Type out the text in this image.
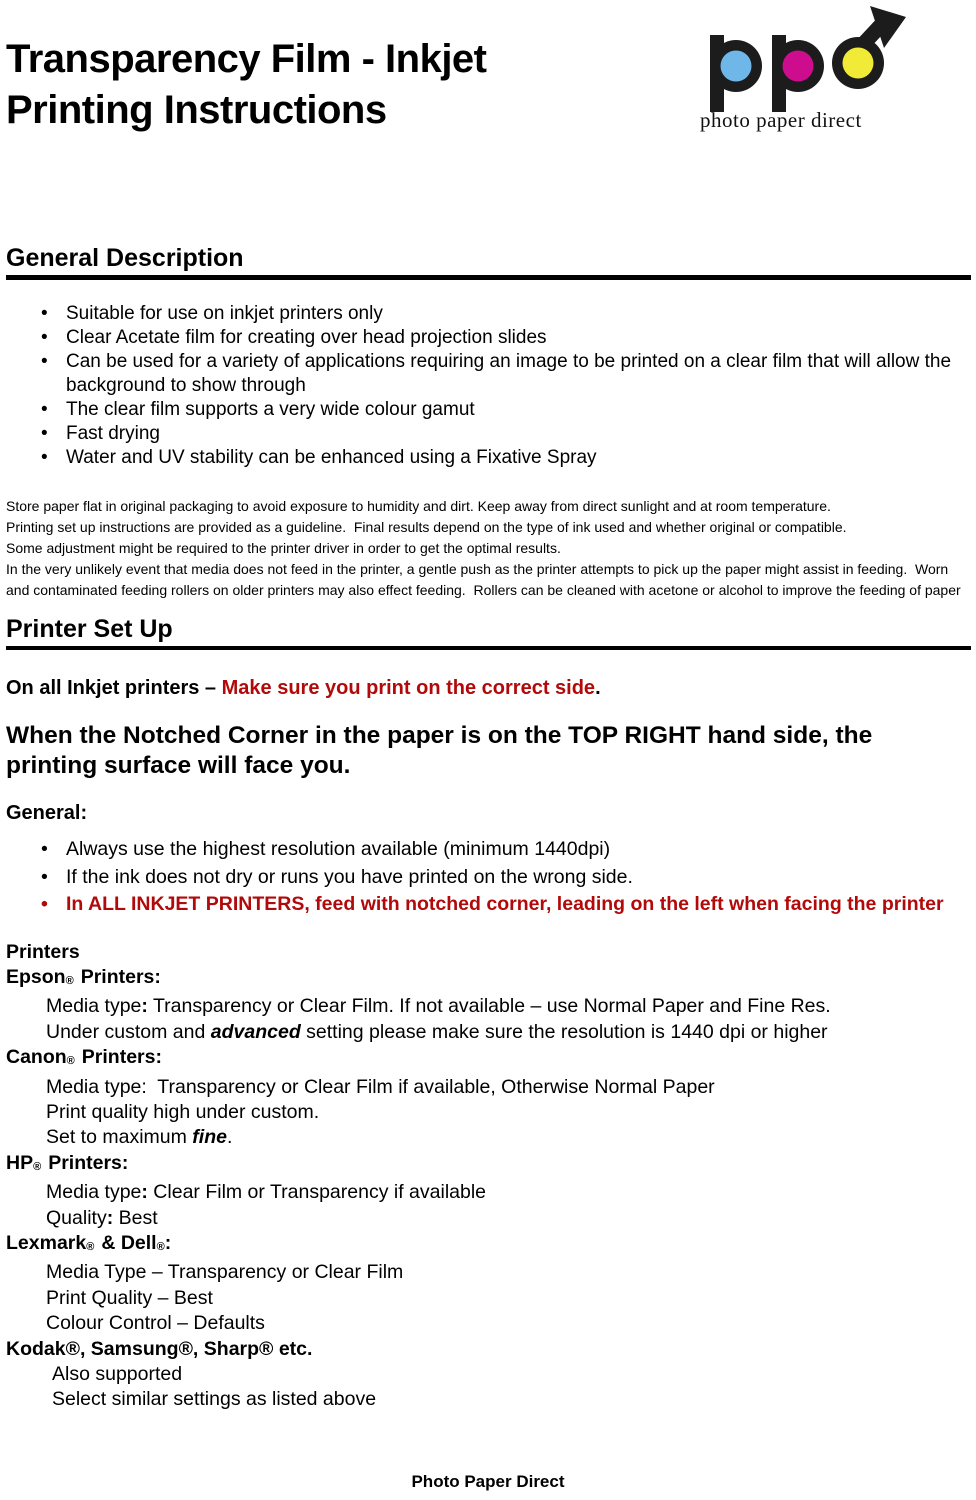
Transparency Film - Inkjet
Printing Instructions	photo paper direct
General Description
• Suitable for use on inkjet printers only
• Clear Acetate film for creating over head projection slides
• Can be used for a variety of applications requiring an image to be printed on a clear film that will allow the background to show through
• The clear film supports a very wide colour gamut
• Fast drying
• Water and UV stability can be enhanced using a Fixative Spray
Store paper flat in original packaging to avoid exposure to humidity and dirt. Keep away from direct sunlight and at room temperature.
Printing set up instructions are provided as a guideline.  Final results depend on the type of ink used and whether original or compatible.
Some adjustment might be required to the printer driver in order to get the optimal results.
In the very unlikely event that media does not feed in the printer, a gentle push as the printer attempts to pick up the paper might assist in feeding.  Worn and contaminated feeding rollers on older printers may also effect feeding.  Rollers can be cleaned with acetone or alcohol to improve the feeding of paper
Printer Set Up

On all Inkjet printers – Make sure you print on the correct side.

When the Notched Corner in the paper is on the TOP RIGHT hand side, the printing surface will face you.

General:

• Always use the highest resolution available (minimum 1440dpi)
• If the ink does not dry or runs you have printed on the wrong side.
• In ALL INKJET PRINTERS, feed with notched corner, leading on the left when facing the printer

Printers

Epson® Printers:

Media type: Transparency or Clear Film. If not available – use Normal Paper and Fine Res.

Under custom and advanced setting please make sure the resolution is 1440 dpi or higher

Canon® Printers:

Media type:  Transparency or Clear Film if available, Otherwise Normal Paper

Print quality high under custom.

Set to maximum fine.

HP® Printers:

Media type: Clear Film or Transparency if available

Quality: Best

Lexmark® & Dell®:

Media Type – Transparency or Clear Film

Print Quality – Best

Colour Control – Defaults

Kodak®, Samsung®, Sharp® etc.

Also supported

Select similar settings as listed above

Photo Paper Direct
